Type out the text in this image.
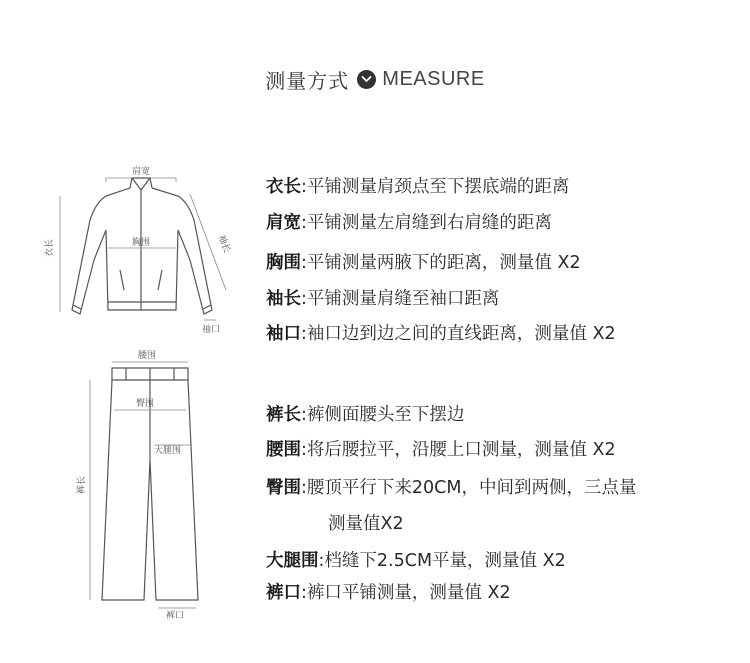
测量方式 MEASURE
肩宽
胸围
衣长	袖长
袖口
腰围
臀围
大腿围
裤长
裤口
衣长:平铺测量肩颈点至下摆底端的距离
肩宽:平铺测量左肩缝到右肩缝的距离
胸围:平铺测量两腋下的距离，测量值 X2
袖长:平铺测量肩缝至袖口距离
袖口:袖口边到边之间的直线距离，测量值 X2
裤长:裤侧面腰头至下摆边
腰围:将后腰拉平，沿腰上口测量，测量值 X2
臀围:腰顶平行下来20CM，中间到两侧，三点量
测量值X2
大腿围:档缝下2.5CM平量，测量值 X2
裤口:裤口平铺测量，测量值 X2
